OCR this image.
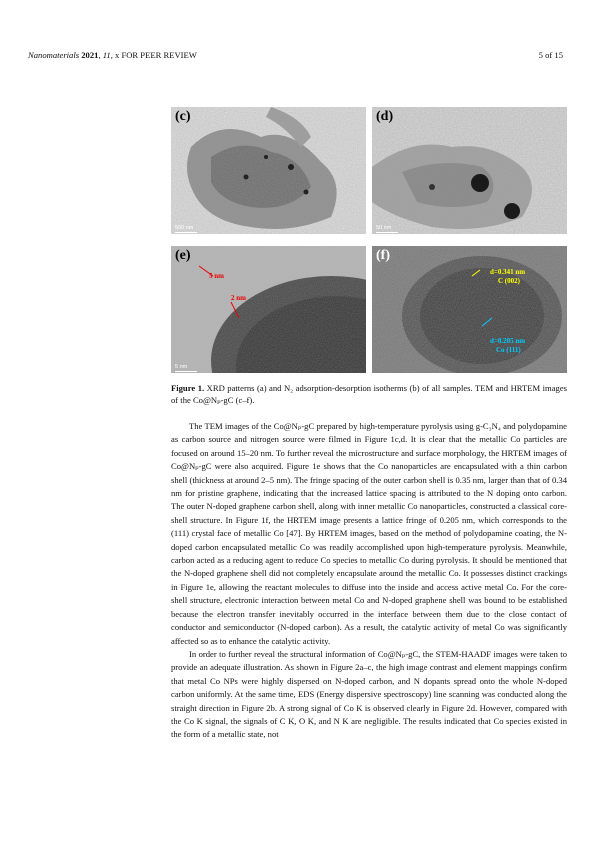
Nanomaterials 2021, 11, x FOR PEER REVIEW	5 of 15
(c)
500 nm
(d)
50 nm
(e)
5 nm
2 nm
5 nm
(f)
d=0.341 nm
C (002)
d=0.205 nm
Co (111)
Figure 1. XRD patterns (a) and N₂ adsorption-desorption isotherms (b) of all samples. TEM and HRTEM images of the Co@Nₚ-gC (c–f).

The TEM images of the Co@Nₚ-gC prepared by high-temperature pyrolysis using g-C₃N₄ and polydopamine as carbon source and nitrogen source were filmed in Figure 1c,d. It is clear that the metallic Co particles are focused on around 15–20 nm. To further reveal the microstructure and surface morphology, the HRTEM images of Co@Nₚ-gC were also acquired. Figure 1e shows that the Co nanoparticles are encapsulated with a thin carbon shell (thickness at around 2–5 nm). The fringe spacing of the outer carbon shell is 0.35 nm, larger than that of 0.34 nm for pristine graphene, indicating that the increased lattice spacing is attributed to the N doping onto carbon. The outer N-doped graphene carbon shell, along with inner metallic Co nanoparticles, constructed a classical core-shell structure. In Figure 1f, the HRTEM image presents a lattice fringe of 0.205 nm, which corresponds to the (111) crystal face of metallic Co [47]. By HRTEM images, based on the method of polydopamine coating, the N-doped carbon encapsulated metallic Co was readily accomplished upon high-temperature pyrolysis. Meanwhile, carbon acted as a reducing agent to reduce Co species to metallic Co during pyrolysis. It should be mentioned that the N-doped graphene shell did not completely encapsulate around the metallic Co. It possesses distinct crackings in Figure 1e, allowing the reactant molecules to diffuse into the inside and access active metal Co. For the core-shell structure, electronic interaction between metal Co and N-doped graphene shell was bound to be established because the electron transfer inevitably occurred in the interface between them due to the close contact of conductor and semiconductor (N-doped carbon). As a result, the catalytic activity of metal Co was significantly affected so as to enhance the catalytic activity.

In order to further reveal the structural information of Co@Nₚ-gC, the STEM-HAADF images were taken to provide an adequate illustration. As shown in Figure 2a–c, the high image contrast and element mappings confirm that metal Co NPs were highly dispersed on N-doped carbon, and N dopants spread onto the whole N-doped carbon uniformly. At the same time, EDS (Energy dispersive spectroscopy) line scanning was conducted along the straight direction in Figure 2b. A strong signal of Co K is observed clearly in Figure 2d. However, compared with the Co K signal, the signals of C K, O K, and N K are negligible. The results indicated that Co species existed in the form of a metallic state, not
